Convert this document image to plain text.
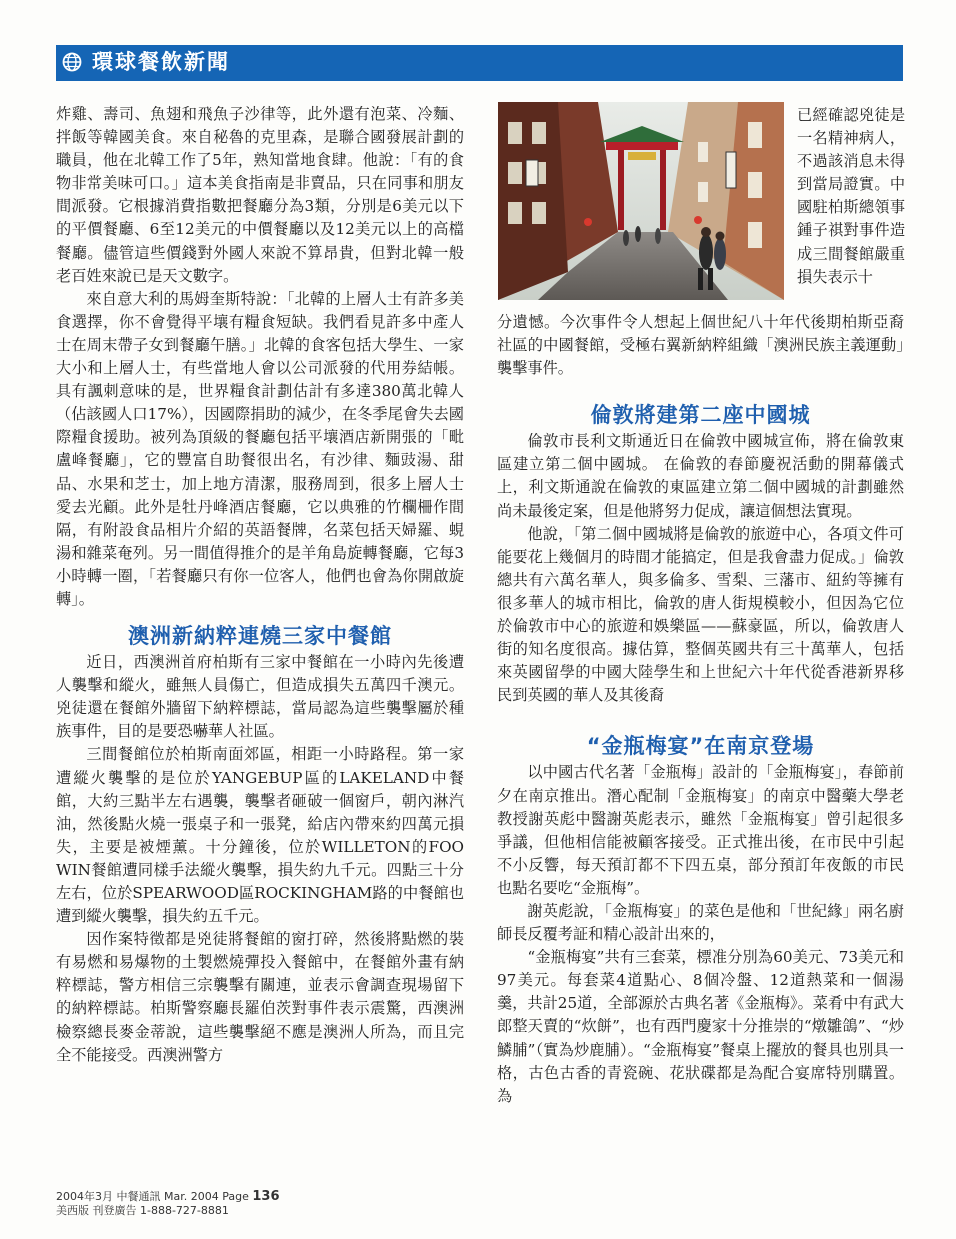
環球餐飲新聞

炸雞、壽司、魚翅和飛魚子沙律等，此外還有泡菜、冷麵、拌飯等韓國美食。來自秘魯的克里森，是聯合國發展計劃的職員，他在北韓工作了5年，熟知當地食肆。他說：「有的食物非常美味可口。」這本美食指南是非賣品，只在同事和朋友間派發。它根據消費指數把餐廳分為3類，分別是6美元以下的平價餐廳、6至12美元的中價餐廳以及12美元以上的高檔餐廳。儘管這些價錢對外國人來說不算昂貴，但對北韓一般老百姓來說已是天文數字。

來自意大利的馬姆奎斯特說：「北韓的上層人士有許多美食選擇，你不會覺得平壤有糧食短缺。我們看見許多中產人士在周末帶子女到餐廳午膳。」北韓的食客包括大學生、一家大小和上層人士，有些當地人會以公司派發的代用券結帳。具有諷刺意味的是，世界糧食計劃估計有多達380萬北韓人（佔該國人口17%），因國際捐助的減少，在冬季尾會失去國際糧食援助。被列為頂級的餐廳包括平壤酒店新開張的「毗盧峰餐廳」，它的豐富自助餐很出名，有沙律、麵豉湯、甜品、水果和芝士，加上地方清潔，服務周到，很多上層人士愛去光顧。此外是牡丹峰酒店餐廳，它以典雅的竹欄柵作間隔，有附設食品相片介紹的英語餐牌，名菜包括天婦羅、蜆湯和雜菜奄列。另一間值得推介的是羊角島旋轉餐廳，它每3小時轉一圈，「若餐廳只有你一位客人，他們也會為你開啟旋轉」。

澳洲新納粹連燒三家中餐館

近日，西澳洲首府柏斯有三家中餐館在一小時內先後遭人襲擊和縱火，雖無人員傷亡，但造成損失五萬四千澳元。兇徒還在餐館外牆留下納粹標誌，當局認為這些襲擊屬於種族事件，目的是要恐嚇華人社區。

三間餐館位於柏斯南面郊區，相距一小時路程。第一家遭縱火襲擊的是位於YANGEBUP區的LAKELAND中餐館，大約三點半左右遇襲，襲擊者砸破一個窗戶，朝內淋汽油，然後點火燒一張桌子和一張凳，給店內帶來約四萬元損失，主要是被煙薰。十分鐘後，位於WILLETON的FOO WIN餐館遭同樣手法縱火襲擊，損失約九千元。四點三十分左右，位於SPEARWOOD區ROCKINGHAM路的中餐館也遭到縱火襲擊，損失約五千元。

因作案特徵都是兇徒將餐館的窗打碎，然後將點燃的裝有易燃和易爆物的土製燃燒彈投入餐館中，在餐館外畫有納粹標誌，警方相信三宗襲擊有關連，並表示會調查現場留下的納粹標誌。柏斯警察廳長羅伯茨對事件表示震驚，西澳洲檢察總長麥金蒂說，這些襲擊絕不應是澳洲人所為，而且完全不能接受。西澳洲警方

已經確認兇徒是一名精神病人，不過該消息未得到當局證實。中國駐柏斯總領事鍾子祺對事件造成三間餐館嚴重損失表示十

分遺憾。今次事件令人想起上個世紀八十年代後期柏斯亞裔社區的中國餐館，受極右翼新納粹組織「澳洲民族主義運動」襲擊事件。

倫敦將建第二座中國城

倫敦市長利文斯通近日在倫敦中國城宣佈，將在倫敦東區建立第二個中國城。 在倫敦的春節慶祝活動的開幕儀式上，利文斯通說在倫敦的東區建立第二個中國城的計劃雖然尚未最後定案，但是他將努力促成，讓這個想法實現。

他說，「第二個中國城將是倫敦的旅遊中心，各項文件可能要花上幾個月的時間才能搞定，但是我會盡力促成。」倫敦總共有六萬名華人，與多倫多、雪梨、三藩市、紐約等擁有很多華人的城市相比，倫敦的唐人街規模較小，但因為它位於倫敦市中心的旅遊和娛樂區——蘇豪區，所以，倫敦唐人街的知名度很高。據估算，整個英國共有三十萬華人，包括來英國留學的中國大陸學生和上世紀六十年代從香港新界移民到英國的華人及其後裔

“金瓶梅宴”在南京登場

以中國古代名著「金瓶梅」設計的「金瓶梅宴」，春節前夕在南京推出。潛心配制「金瓶梅宴」的南京中醫藥大學老教授謝英彪中醫謝英彪表示，雖然「金瓶梅宴」曾引起很多爭議，但他相信能被顧客接受。正式推出後，在市民中引起不小反響，每天預訂都不下四五桌，部分預訂年夜飯的市民也點名要吃“金瓶梅”。

謝英彪說，「金瓶梅宴」的菜色是他和「世紀緣」兩名廚師長反覆考証和精心設計出來的，

“金瓶梅宴”共有三套菜，標准分別為60美元、73美元和97美元。每套菜4道點心、8個冷盤、12道熱菜和一個湯羹，共計25道，全部源於古典名著《金瓶梅》。菜肴中有武大郎整天賣的“炊餅”，也有西門慶家十分推崇的“燉雛鴿”、“炒鱗脯”（實為炒鹿脯）。“金瓶梅宴”餐桌上擺放的餐具也別具一格，古色古香的青瓷碗、花狀碟都是為配合宴席特別購置。為

2004年3月 中餐通訊 Mar. 2004 Page 136
美西版 刊登廣告 1-888-727-8881
